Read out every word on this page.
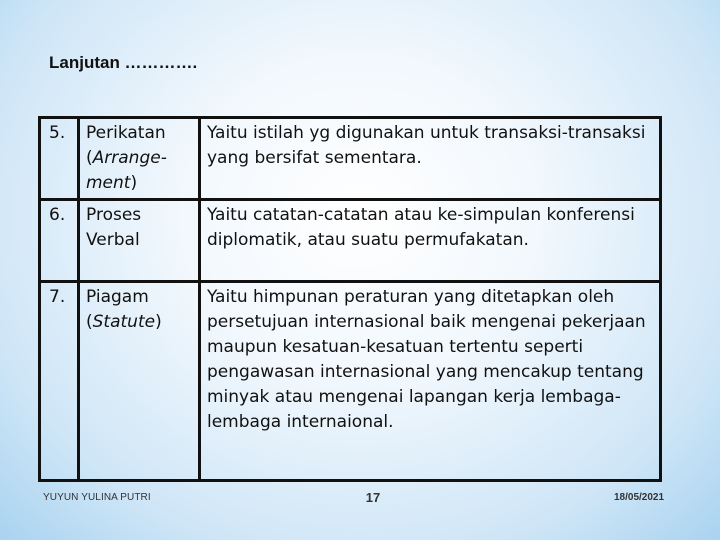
Lanjutan ………….
5.	Perikatan
(Arrange-
ment)	Yaitu istilah yg digunakan untuk transaksi-transaksi yang bersifat sementara.
6.	Proses
Verbal	Yaitu catatan-catatan atau ke-simpulan konferensi diplomatik, atau suatu permufakatan.
7.	Piagam
(Statute)	Yaitu himpunan peraturan yang ditetapkan oleh persetujuan internasional baik mengenai pekerjaan maupun kesatuan-kesatuan tertentu seperti pengawasan internasional yang mencakup tentang minyak atau mengenai lapangan kerja lembaga-lembaga internaional.
YUYUN YULINA PUTRI	17	18/05/2021
